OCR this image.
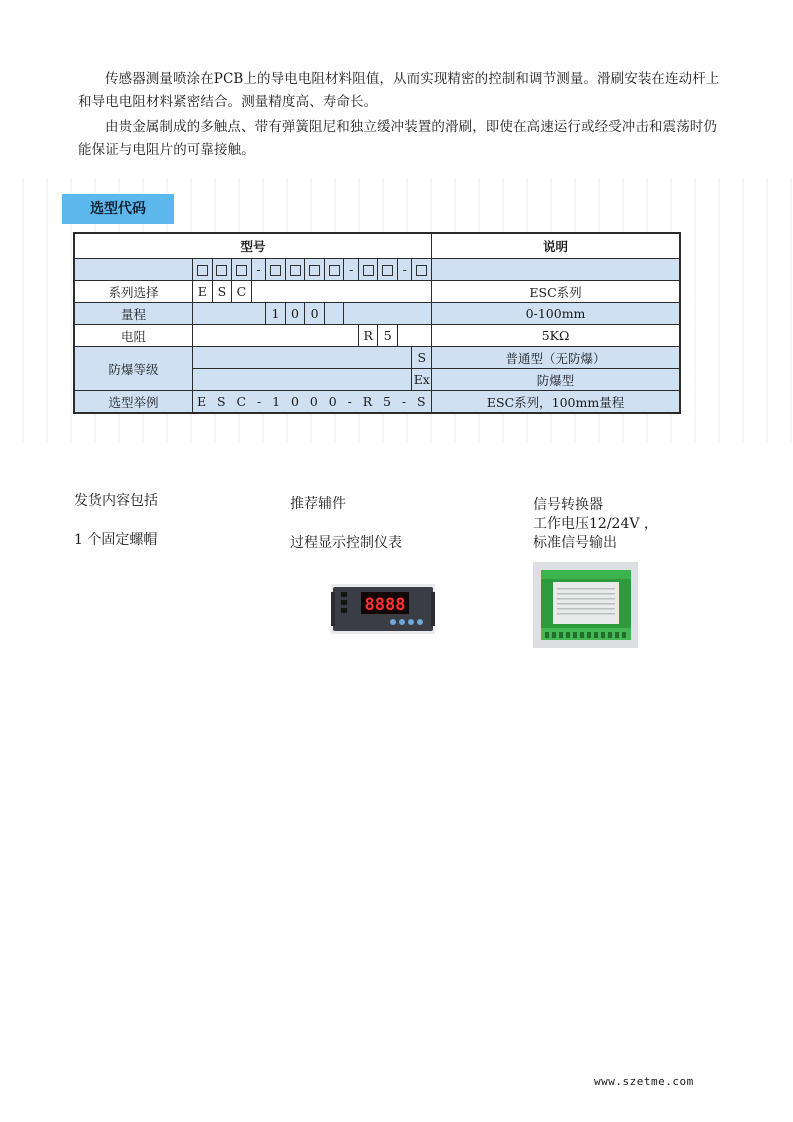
传感器测量喷涂在PCB上的导电电阻材料阻值，从而实现精密的控制和调节测量。滑刷安装在连动杆上和导电电阻材料紧密结合。测量精度高、寿命长。

由贵金属制成的多触点、带有弹簧阻尼和独立缓冲装置的滑刷，即使在高速运行或经受冲击和震荡时仍能保证与电阻片的可靠接触。

选型代码
型号														说明
				-					-			-		
系列选择	E	S	C											ESC系列
量程					1	0	0							0-100mm
电阻										R	5			5KΩ
防爆等级													S	普通型（无防爆）
													Ex	防爆型
选型举例	E S C - 1 0 0 0 - R 5 - S													ESC系列，100mm量程

发货内容包括

1 个固定螺帽

推荐辅件

过程显示控制仪表

信号转换器

工作电压12/24V ，

标准信号输出

8888
www.szetme.com
